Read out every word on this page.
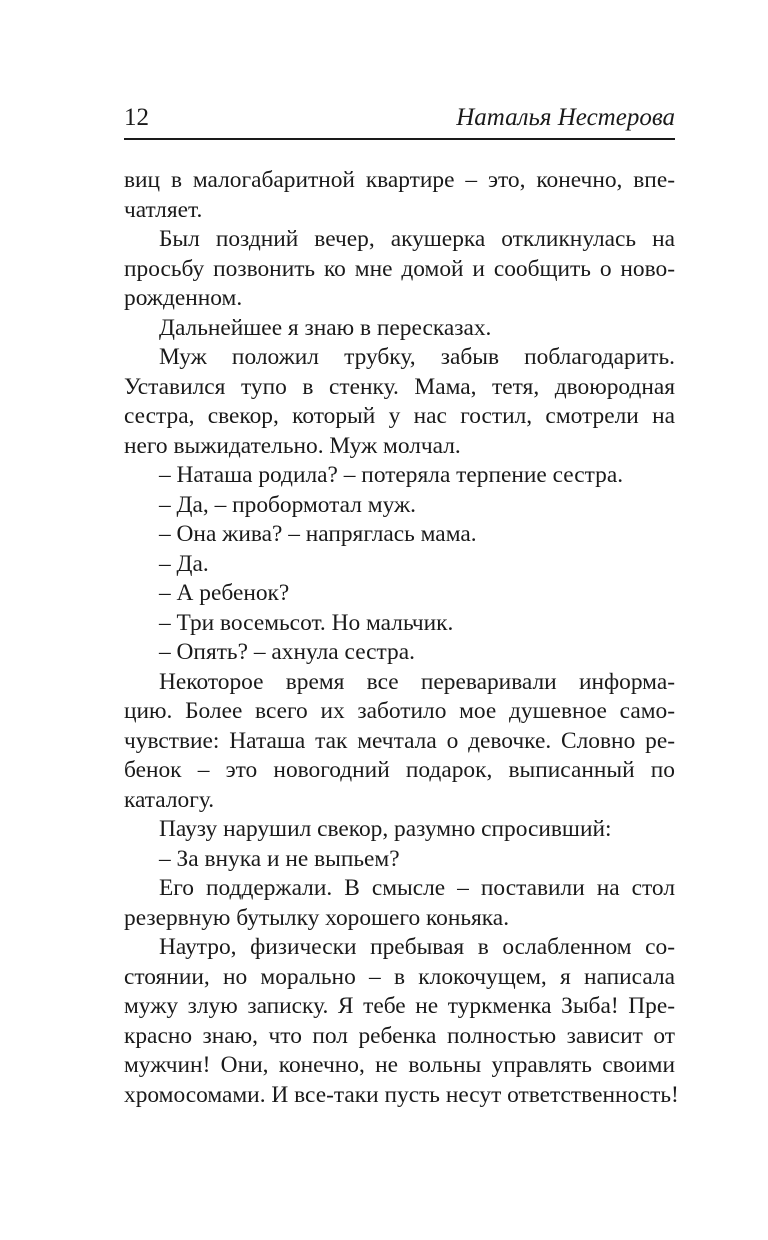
12	Наталья Нестерова
виц в малогабаритной квартире – это, конечно, впе-
чатляет.
Был поздний вечер, акушерка откликнулась на
просьбу позвонить ко мне домой и сообщить о ново-
рожденном.
Дальнейшее я знаю в пересказах.
Муж положил трубку, забыв поблагодарить.
Уставился тупо в стенку. Мама, тетя, двоюродная
сестра, свекор, который у нас гостил, смотрели на
него выжидательно. Муж молчал.
– Наташа родила? – потеряла терпение сестра.
– Да, – пробормотал муж.
– Она жива? – напряглась мама.
– Да.
– А ребенок?
– Три восемьсот. Но мальчик.
– Опять? – ахнула сестра.
Некоторое время все переваривали информа-
цию. Более всего их заботило мое душевное само-
чувствие: Наташа так мечтала о девочке. Словно ре-
бенок – это новогодний подарок, выписанный по
каталогу.
Паузу нарушил свекор, разумно спросивший:
– За внука и не выпьем?
Его поддержали. В смысле – поставили на стол
резервную бутылку хорошего коньяка.
Наутро, физически пребывая в ослабленном со-
стоянии, но морально – в клокочущем, я написала
мужу злую записку. Я тебе не туркменка Зыба! Пре-
красно знаю, что пол ребенка полностью зависит от
мужчин! Они, конечно, не вольны управлять своими
хромосомами. И все-таки пусть несут ответственность!
